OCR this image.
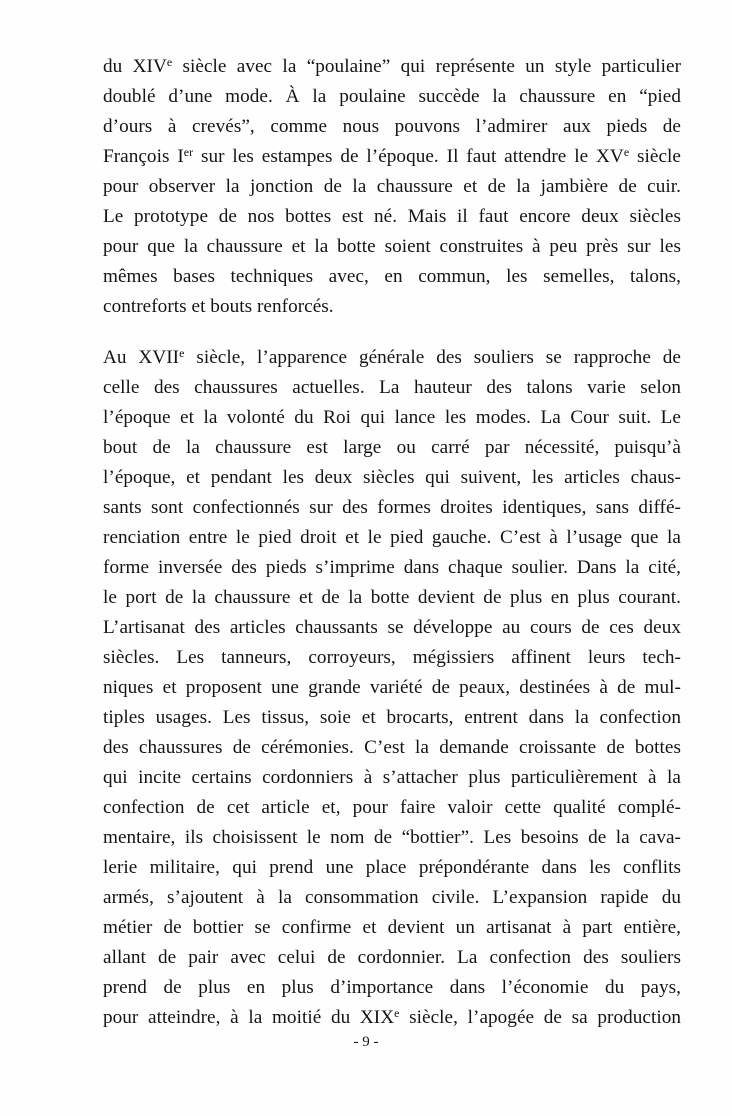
du XIVe siècle avec la “poulaine” qui représente un style particulier
doublé d’une mode. À la poulaine succède la chaussure en “pied
d’ours à crevés”, comme nous pouvons l’admirer aux pieds de
François Ier sur les estampes de l’époque. Il faut attendre le XVe siècle
pour observer la jonction de la chaussure et de la jambière de cuir.
Le prototype de nos bottes est né. Mais il faut encore deux siècles
pour que la chaussure et la botte soient construites à peu près sur les
mêmes bases techniques avec, en commun, les semelles, talons,
contreforts et bouts renforcés.
Au XVIIe siècle, l’apparence générale des souliers se rapproche de
celle des chaussures actuelles. La hauteur des talons varie selon
l’époque et la volonté du Roi qui lance les modes. La Cour suit. Le
bout de la chaussure est large ou carré par nécessité, puisqu’à
l’époque, et pendant les deux siècles qui suivent, les articles chaus-
sants sont confectionnés sur des formes droites identiques, sans diffé-
renciation entre le pied droit et le pied gauche. C’est à l’usage que la
forme inversée des pieds s’imprime dans chaque soulier. Dans la cité,
le port de la chaussure et de la botte devient de plus en plus courant.
L’artisanat des articles chaussants se développe au cours de ces deux
siècles. Les tanneurs, corroyeurs, mégissiers affinent leurs tech-
niques et proposent une grande variété de peaux, destinées à de mul-
tiples usages. Les tissus, soie et brocarts, entrent dans la confection
des chaussures de cérémonies. C’est la demande croissante de bottes
qui incite certains cordonniers à s’attacher plus particulièrement à la
confection de cet article et, pour faire valoir cette qualité complé-
mentaire, ils choisissent le nom de “bottier”. Les besoins de la cava-
lerie militaire, qui prend une place prépondérante dans les conflits
armés, s’ajoutent à la consommation civile. L’expansion rapide du
métier de bottier se confirme et devient un artisanat à part entière,
allant de pair avec celui de cordonnier. La confection des souliers
prend de plus en plus d’importance dans l’économie du pays,
pour atteindre, à la moitié du XIXe siècle, l’apogée de sa production
- 9 -
